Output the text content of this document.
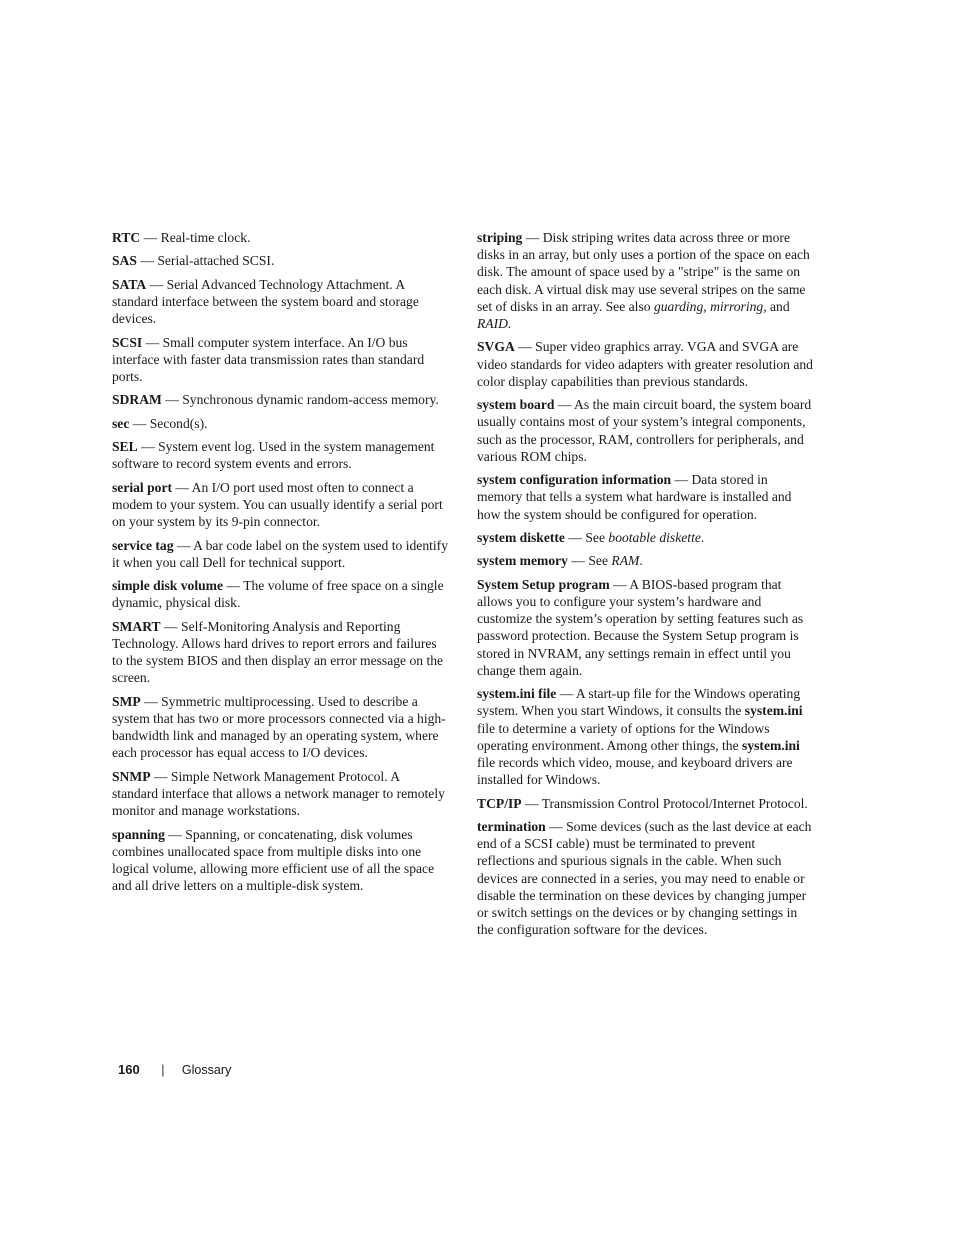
RTC — Real-time clock.

SAS — Serial-attached SCSI.

SATA — Serial Advanced Technology Attachment. A standard interface between the system board and storage devices.

SCSI — Small computer system interface. An I/O bus interface with faster data transmission rates than standard ports.

SDRAM — Synchronous dynamic random-access memory.

sec — Second(s).

SEL — System event log. Used in the system management software to record system events and errors.

serial port — An I/O port used most often to connect a modem to your system. You can usually identify a serial port on your system by its 9-pin connector.

service tag — A bar code label on the system used to identify it when you call Dell for technical support.

simple disk volume — The volume of free space on a single dynamic, physical disk.

SMART — Self-Monitoring Analysis and Reporting Technology. Allows hard drives to report errors and failures to the system BIOS and then display an error message on the screen.

SMP — Symmetric multiprocessing. Used to describe a system that has two or more processors connected via a high-bandwidth link and managed by an operating system, where each processor has equal access to I/O devices.

SNMP — Simple Network Management Protocol. A standard interface that allows a network manager to remotely monitor and manage workstations.

spanning — Spanning, or concatenating, disk volumes combines unallocated space from multiple disks into one logical volume, allowing more efficient use of all the space and all drive letters on a multiple-disk system.

striping — Disk striping writes data across three or more disks in an array, but only uses a portion of the space on each disk. The amount of space used by a "stripe" is the same on each disk. A virtual disk may use several stripes on the same set of disks in an array. See also guarding, mirroring, and RAID.

SVGA — Super video graphics array. VGA and SVGA are video standards for video adapters with greater resolution and color display capabilities than previous standards.

system board — As the main circuit board, the system board usually contains most of your system’s integral components, such as the processor, RAM, controllers for peripherals, and various ROM chips.

system configuration information — Data stored in memory that tells a system what hardware is installed and how the system should be configured for operation.

system diskette — See bootable diskette.

system memory — See RAM.

System Setup program — A BIOS-based program that allows you to configure your system’s hardware and customize the system’s operation by setting features such as password protection. Because the System Setup program is stored in NVRAM, any settings remain in effect until you change them again.

system.ini file — A start-up file for the Windows operating system. When you start Windows, it consults the system.ini file to determine a variety of options for the Windows operating environment. Among other things, the system.ini file records which video, mouse, and keyboard drivers are installed for Windows.

TCP/IP — Transmission Control Protocol/Internet Protocol.

termination — Some devices (such as the last device at each end of a SCSI cable) must be terminated to prevent reflections and spurious signals in the cable. When such devices are connected in a series, you may need to enable or disable the termination on these devices by changing jumper or switch settings on the devices or by changing settings in the configuration software for the devices.

160 | Glossary
